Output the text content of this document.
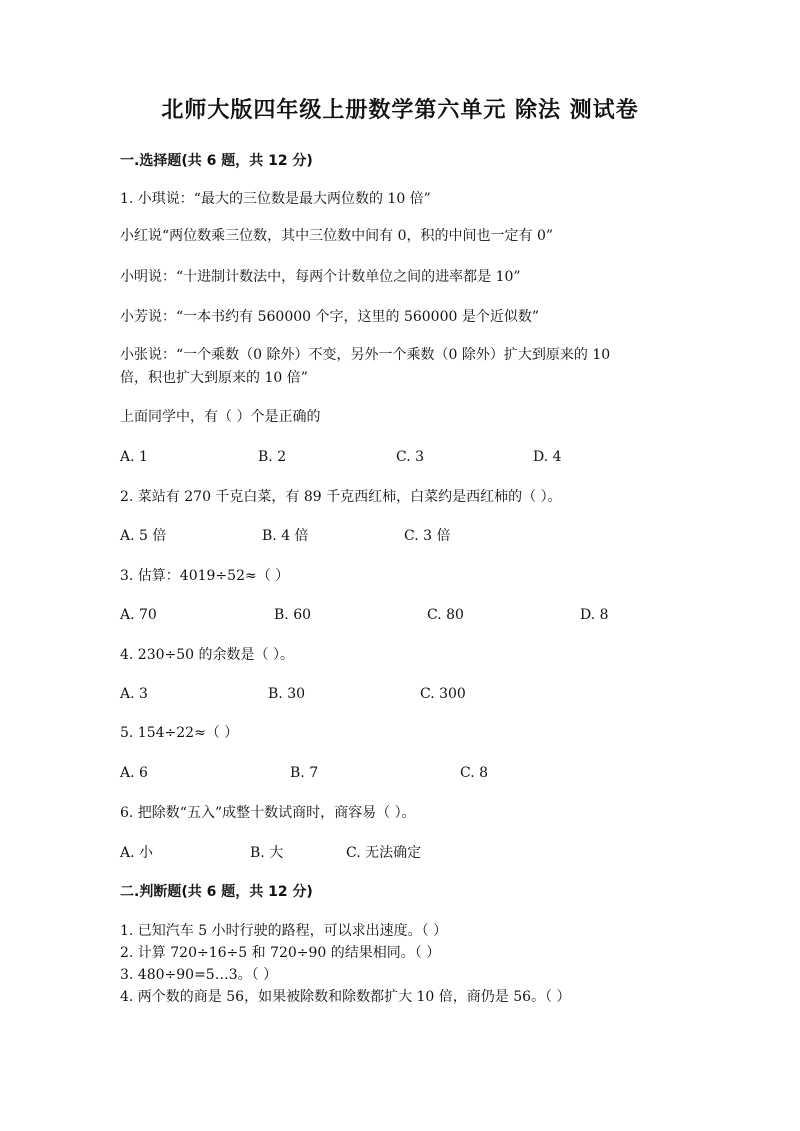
北师大版四年级上册数学第六单元 除法 测试卷
一.选择题(共 6 题，共 12 分)
1. 小琪说：“最大的三位数是最大两位数的 10 倍”
小红说“两位数乘三位数，其中三位数中间有 0，积的中间也一定有 0”
小明说：“十进制计数法中，每两个计数单位之间的进率都是 10”
小芳说：“一本书约有 560000 个字，这里的 560000 是个近似数”
小张说：“一个乘数（0 除外）不变，另外一个乘数（0 除外）扩大到原来的 10
倍，积也扩大到原来的 10 倍”
上面同学中，有（ ）个是正确的
A. 1	B. 2	C. 3	D. 4
2. 菜站有 270 千克白菜，有 89 千克西红柿，白菜约是西红柿的（ ）。
A. 5 倍	B. 4 倍	C. 3 倍
3. 估算：4019÷52≈（ ）
A. 70	B. 60	C. 80	D. 8
4. 230÷50 的余数是（ ）。
A. 3	B. 30	C. 300
5. 154÷22≈（ ）
A. 6	B. 7	C. 8
6. 把除数“五入”成整十数试商时，商容易（ ）。
A. 小	B. 大	C. 无法确定
二.判断题(共 6 题，共 12 分)
1. 已知汽车 5 小时行驶的路程，可以求出速度。（ ）
2. 计算 720÷16÷5 和 720÷90 的结果相同。（ ）
3. 480÷90=5…3。（ ）
4. 两个数的商是 56，如果被除数和除数都扩大 10 倍，商仍是 56。（ ）
